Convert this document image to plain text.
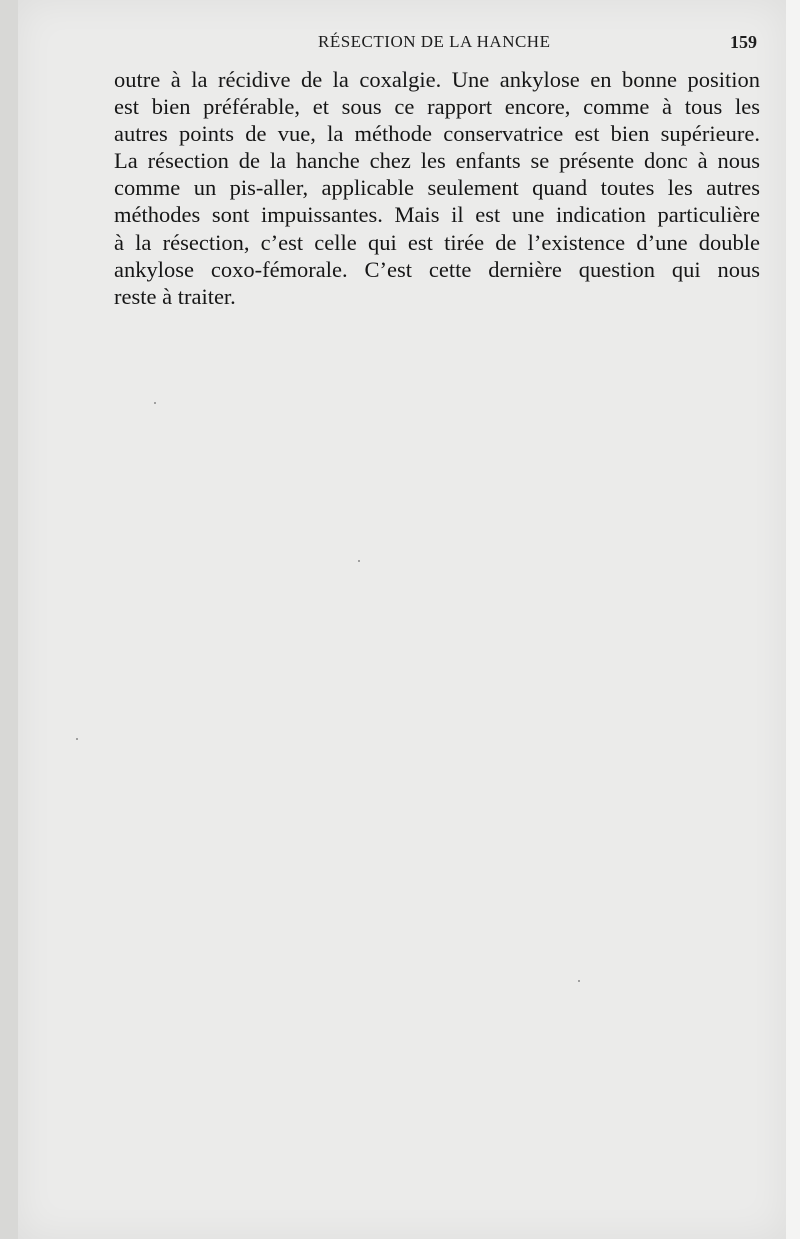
RÉSECTION DE LA HANCHE	159
outre à la récidive de la coxalgie. Une ankylose en bonne position
est bien préférable, et sous ce rapport encore, comme à tous les
autres points de vue, la méthode conservatrice est bien supérieure.
La résection de la hanche chez les enfants se présente donc à nous
comme un pis-aller, applicable seulement quand toutes les autres
méthodes sont impuissantes. Mais il est une indication particulière
à la résection, c’est celle qui est tirée de l’existence d’une double
ankylose coxo-fémorale. C’est cette dernière question qui nous
reste à traiter.
